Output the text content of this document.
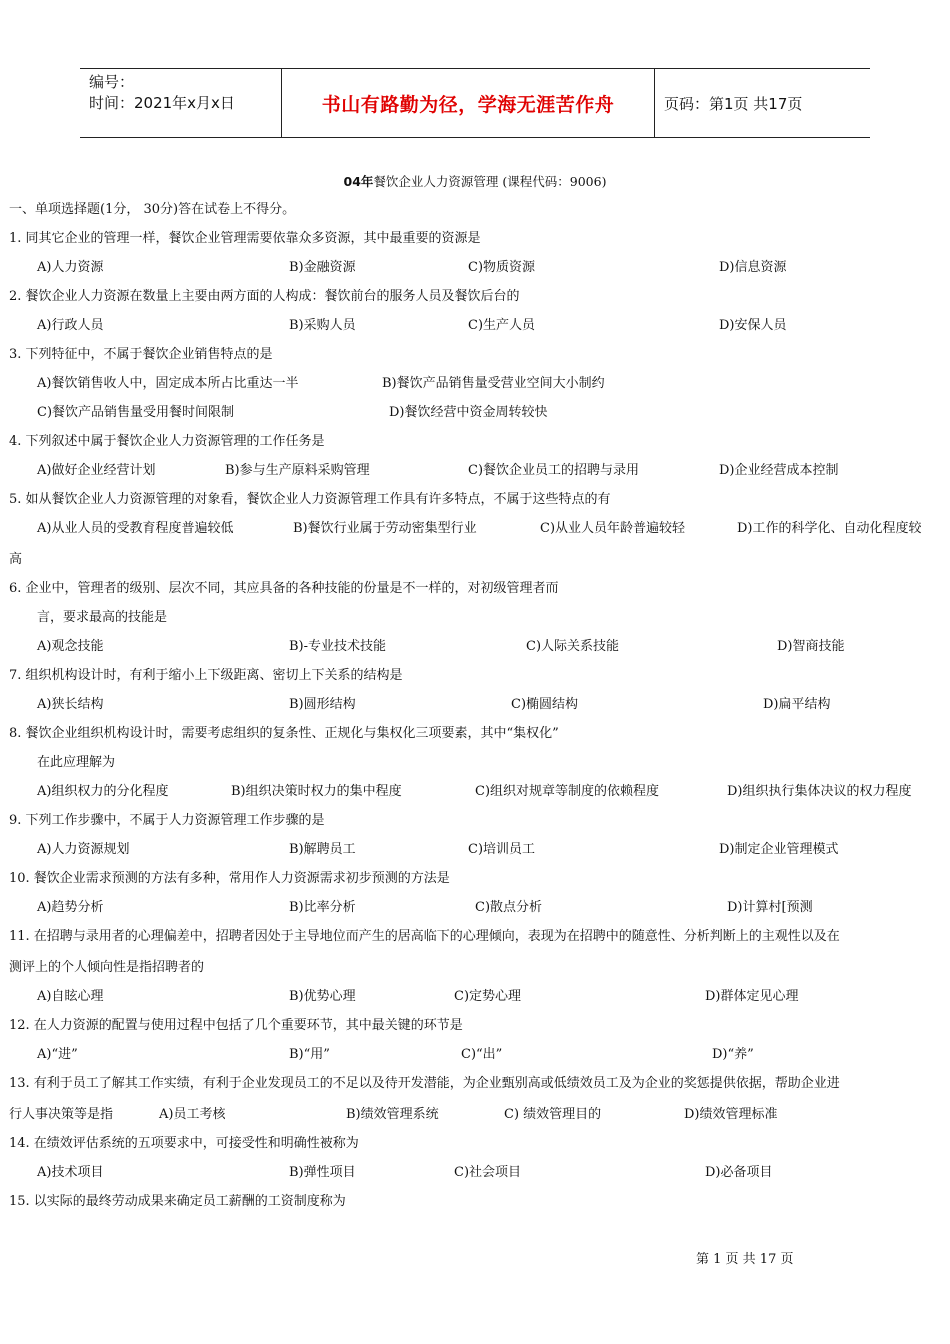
编号：
时间：2021年x月x日	书山有路勤为径，学海无涯苦作舟	页码：第1页 共17页
04年餐饮企业人力资源管理 (课程代码：9006)
一、单项选择题(1分， 30分)答在试卷上不得分。
1. 同其它企业的管理一样，餐饮企业管理需要依靠众多资源，其中最重要的资源是
A)人力资源	B)金融资源	C)物质资源	D)信息资源
2. 餐饮企业人力资源在数量上主要由两方面的人构成：餐饮前台的服务人员及餐饮后台的
A)行政人员	B)采购人员	C)生产人员	D)安保人员
3. 下列特征中，不属于餐饮企业销售特点的是
A)餐饮销售收人中，固定成本所占比重达一半	B)餐饮产品销售量受营业空间大小制约
C)餐饮产品销售量受用餐时间限制	D)餐饮经营中资金周转较快
4. 下列叙述中属于餐饮企业人力资源管理的工作任务是
A)做好企业经营计划	B)参与生产原料采购管理	C)餐饮企业员工的招聘与录用	D)企业经营成本控制
5. 如从餐饮企业人力资源管理的对象看，餐饮企业人力资源管理工作具有许多特点，不属于这些特点的有
A)从业人员的受教育程度普遍较低	B)餐饮行业属于劳动密集型行业	C)从业人员年龄普遍较轻	D)工作的科学化、自动化程度较
高
6. 企业中，管理者的级别、层次不同，其应具备的各种技能的份量是不一样的，对初级管理者而
言，要求最高的技能是
A)观念技能	B)-专业技术技能	C)人际关系技能	D)智商技能
7. 组织机构设计时，有利于缩小上下级距离、密切上下关系的结构是
A)狭长结构	B)圆形结构	C)椭圆结构	D)扁平结构
8. 餐饮企业组织机构设计时，需要考虑组织的复条性、正规化与集权化三项要素，其中“集权化”
在此应理解为
A)组织权力的分化程度	B)组织决策时权力的集中程度	C)组织对规章等制度的依赖程度	D)组织执行集体决议的权力程度
9. 下列工作步骤中，不属于人力资源管理工作步骤的是
A)人力资源规划	B)解聘员工	C)培训员工	D)制定企业管理模式
10. 餐饮企业需求预测的方法有多种，常用作人力资源需求初步预测的方法是
A)趋势分析	B)比率分析	C)散点分析	D)计算村[预测
11. 在招聘与录用者的心理偏差中，招聘者因处于主导地位而产生的居高临下的心理倾向，表现为在招聘中的随意性、分析判断上的主观性以及在
测评上的个人倾向性是指招聘者的
A)自眩心理	B)优势心理	C)定势心理	D)群体定见心理
12. 在人力资源的配置与使用过程中包括了几个重要环节，其中最关键的环节是
A)“进”	B)“用”	C)“出”	D)“养”
13. 有利于员工了解其工作实绩，有利于企业发现员工的不足以及待开发潜能，为企业甄别高或低绩效员工及为企业的奖惩提供依据，帮助企业进
行人事决策等是指	A)员工考核	B)绩效管理系统	C) 绩效管理目的	D)绩效管理标准
14. 在绩效评估系统的五项要求中，可接受性和明确性被称为
A)技术项目	B)弹性项目	C)社会项目	D)必备项目
15. 以实际的最终劳动成果来确定员工薪酬的工资制度称为
第 1 页 共 17 页
